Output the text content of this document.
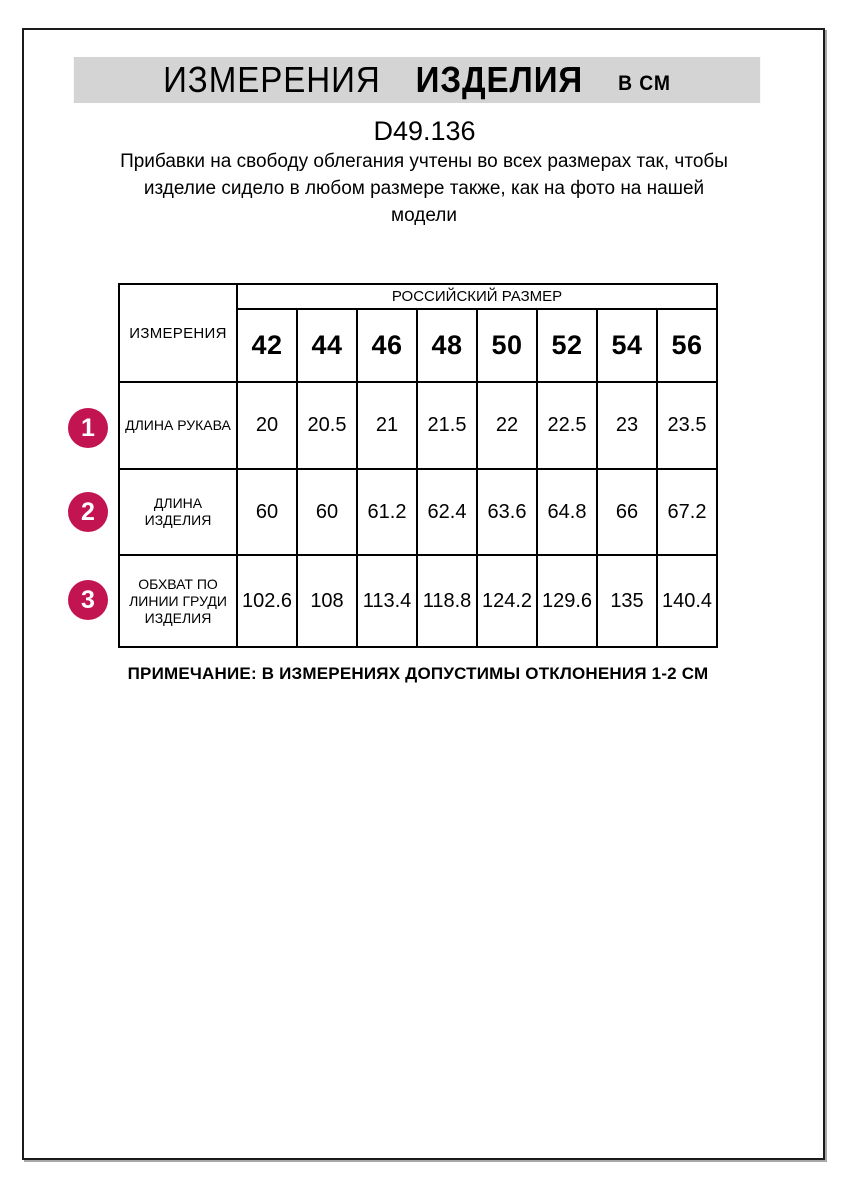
ИЗМЕРЕНИЯ ИЗДЕЛИЯ В СМ
D49.136
Прибавки на свободу облегания учтены во всех размерах так, чтобы изделие сидело в любом размере также, как на фото на нашей модели
ИЗМЕРЕНИЯ	РОССИЙСКИЙ РАЗМЕР							
	42	44	46	48	50	52	54	56
ДЛИНА РУКАВА	20	20.5	21	21.5	22	22.5	23	23.5
ДЛИНА ИЗДЕЛИЯ	60	60	61.2	62.4	63.6	64.8	66	67.2
ОБХВАТ ПО ЛИНИИ ГРУДИ ИЗДЕЛИЯ	102.6	108	113.4	118.8	124.2	129.6	135	140.4
1
2
3
ПРИМЕЧАНИЕ: В ИЗМЕРЕНИЯХ ДОПУСТИМЫ ОТКЛОНЕНИЯ 1-2 СМ
